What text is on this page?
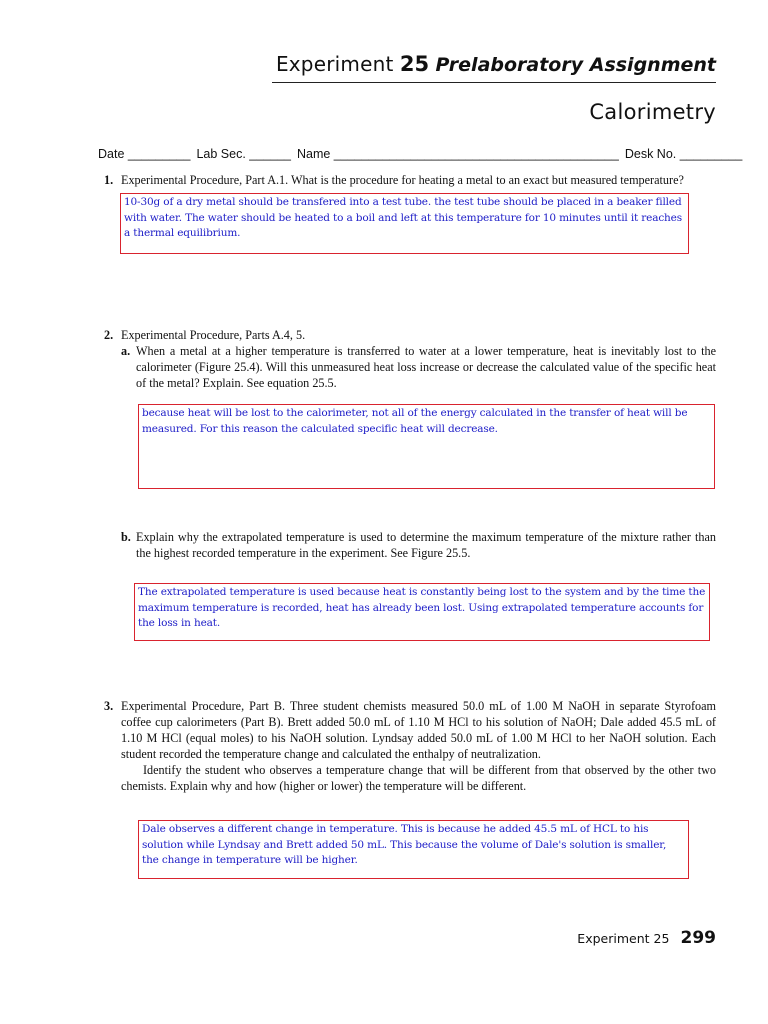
Experiment 25 Prelaboratory Assignment
Calorimetry
Date _________ Lab Sec. ______ Name _________________________________________ Desk No. _________
1. Experimental Procedure, Part A.1. What is the procedure for heating a metal to an exact but measured temperature?
10-30g of a dry metal should be transfered into a test tube. the test tube should be placed in a beaker filled with water. The water should be heated to a boil and left at this temperature for 10 minutes until it reaches a thermal equilibrium.
2. Experimental Procedure, Parts A.4, 5.
a. When a metal at a higher temperature is transferred to water at a lower temperature, heat is inevitably lost to the calorimeter (Figure 25.4). Will this unmeasured heat loss increase or decrease the calculated value of the specific heat of the metal? Explain. See equation 25.5.
because heat will be lost to the calorimeter, not all of the energy calculated in the transfer of heat will be measured. For this reason the calculated specific heat will decrease.
b. Explain why the extrapolated temperature is used to determine the maximum temperature of the mixture rather than the highest recorded temperature in the experiment. See Figure 25.5.
The extrapolated temperature is used because heat is constantly being lost to the system and by the time the maximum temperature is recorded, heat has already been lost. Using extrapolated temperature accounts for the loss in heat.
3. Experimental Procedure, Part B. Three student chemists measured 50.0 mL of 1.00 M NaOH in separate Styrofoam coffee cup calorimeters (Part B). Brett added 50.0 mL of 1.10 M HCl to his solution of NaOH; Dale added 45.5 mL of 1.10 M HCl (equal moles) to his NaOH solution. Lyndsay added 50.0 mL of 1.00 M HCl to her NaOH solution. Each student recorded the temperature change and calculated the enthalpy of neutralization.
Identify the student who observes a temperature change that will be different from that observed by the other two chemists. Explain why and how (higher or lower) the temperature will be different.
Dale observes a different change in temperature. This is because he added 45.5 mL of HCL to his solution while Lyndsay and Brett added 50 mL. This because the volume of Dale's solution is smaller, the change in temperature will be higher.
Experiment 25 299
